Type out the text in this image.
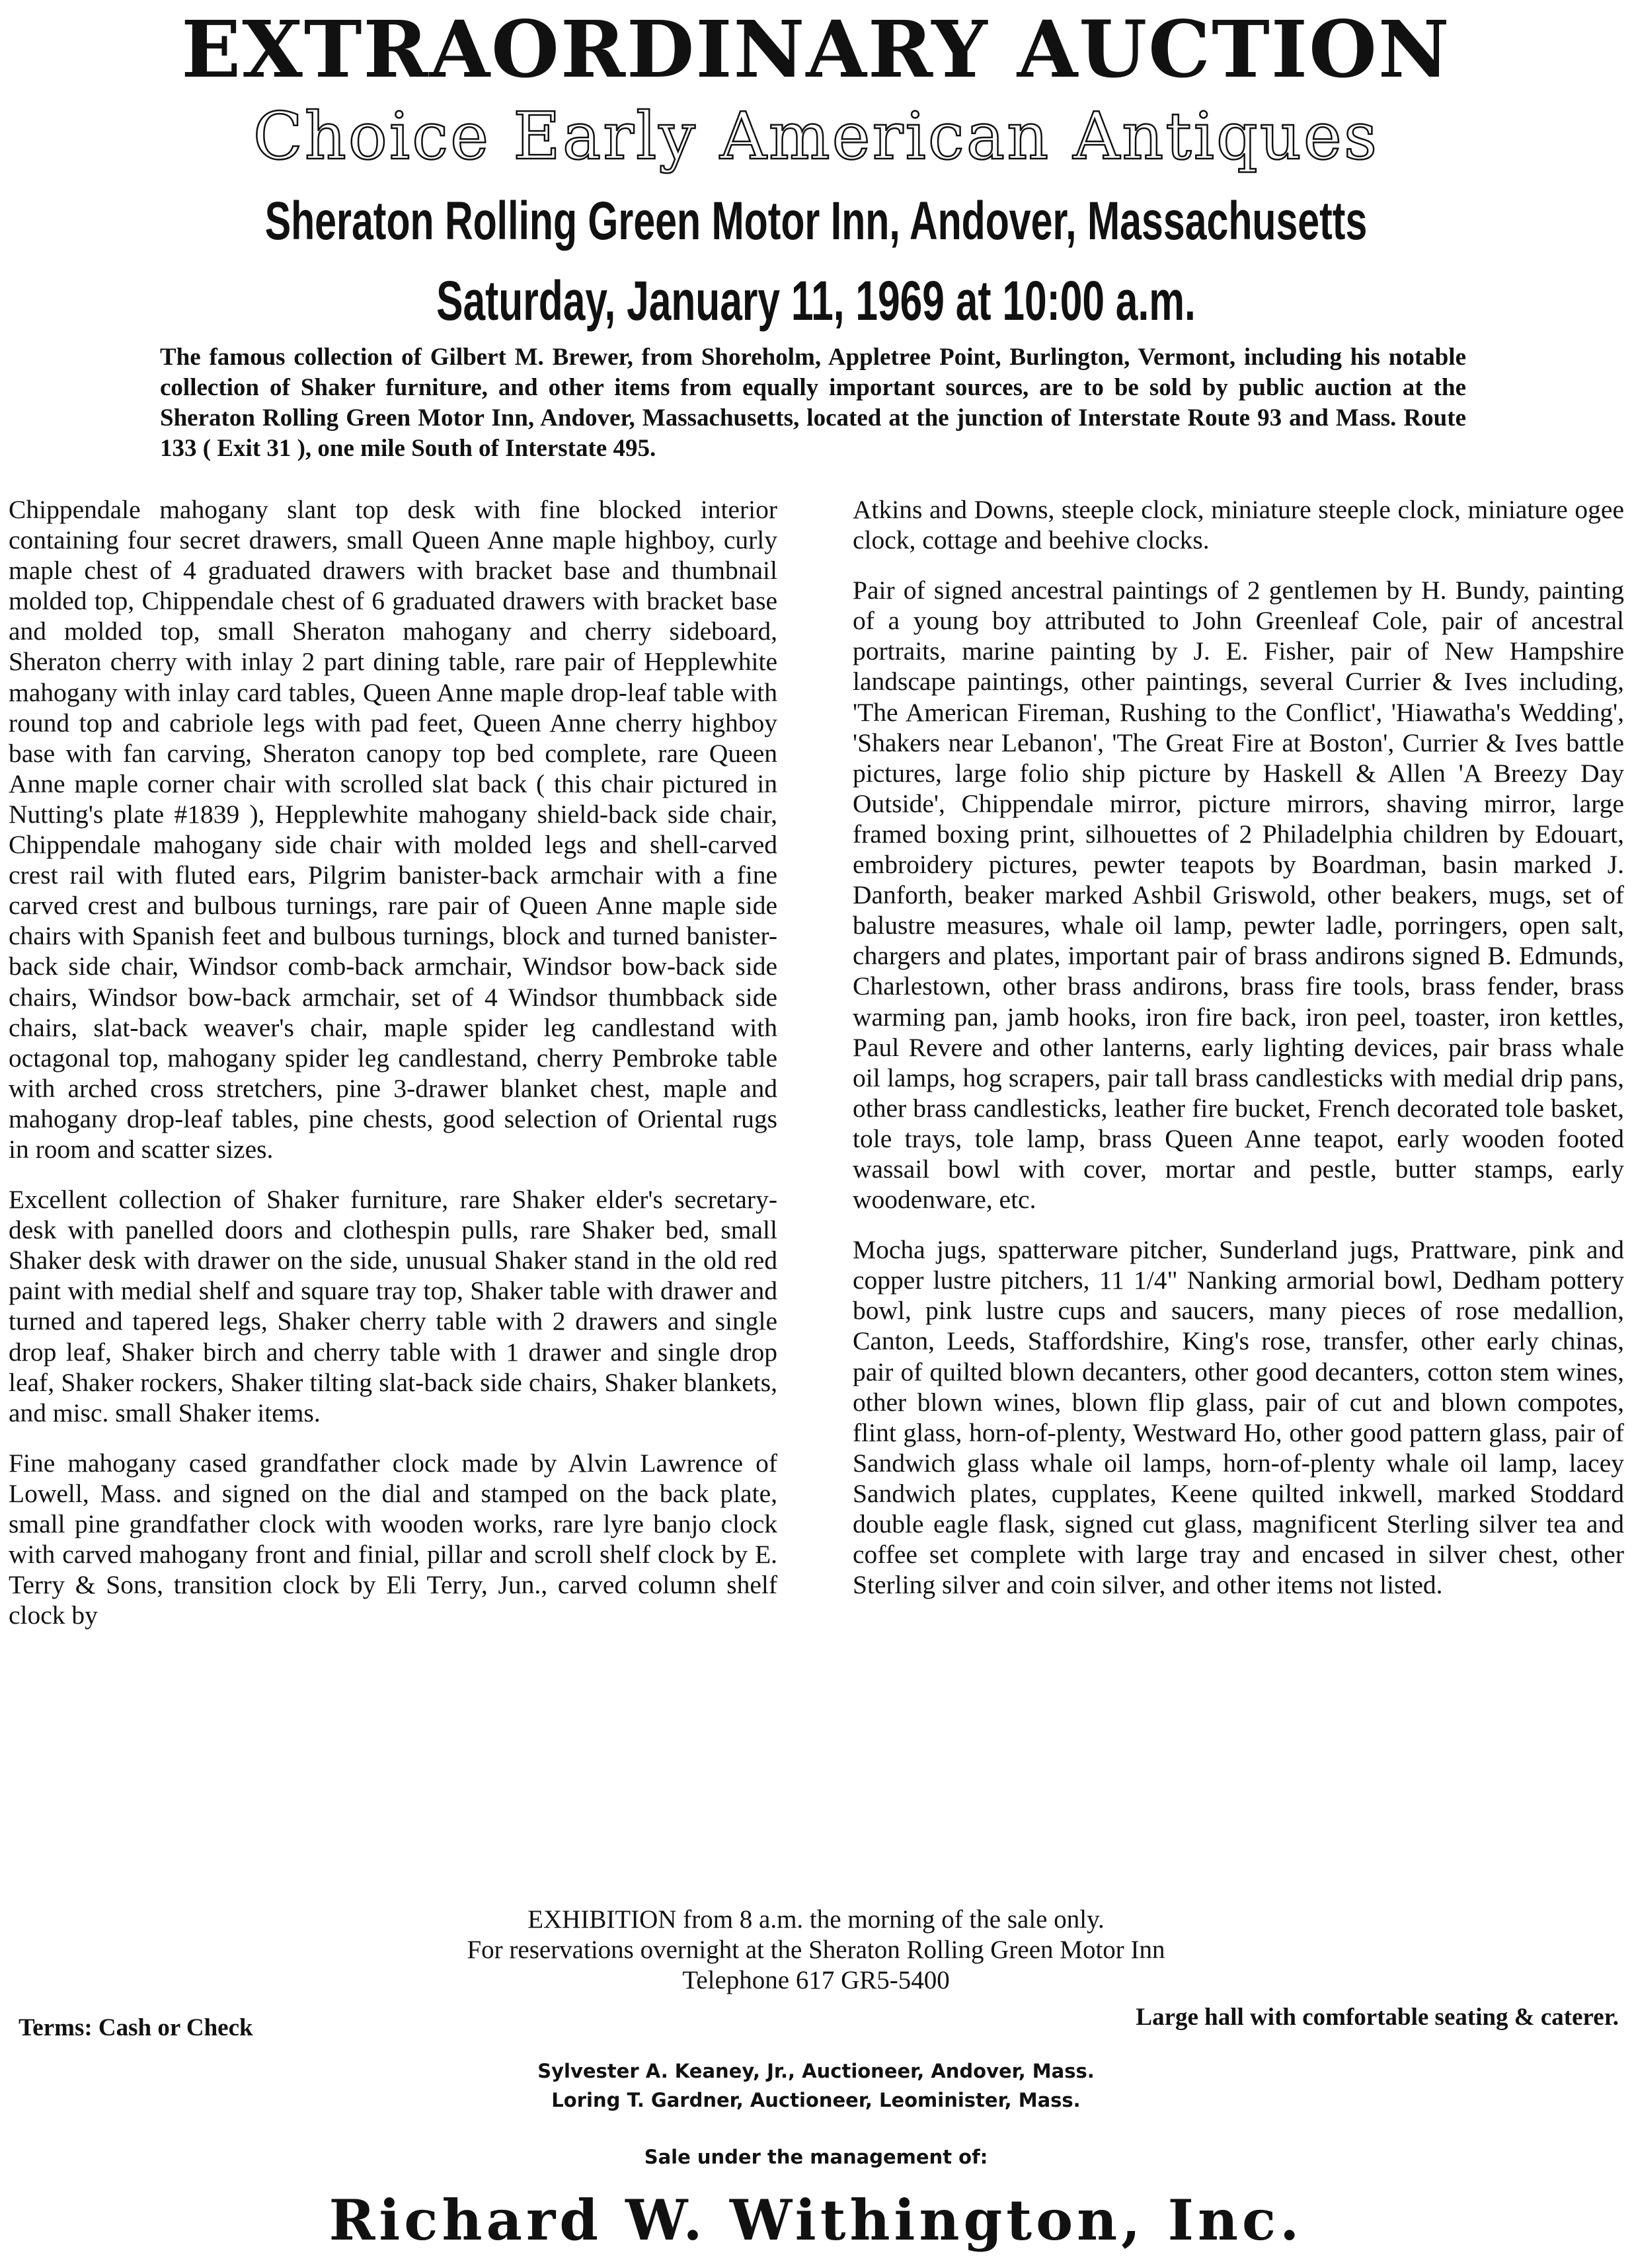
EXTRAORDINARY AUCTION
Choice Early American Antiques
Sheraton Rolling Green Motor Inn, Andover, Massachusetts
Saturday, January 11, 1969 at 10:00 a.m.
The famous collection of Gilbert M. Brewer, from Shoreholm, Appletree Point, Burlington, Vermont, including his notable collection of Shaker furniture, and other items from equally important sources, are to be sold by public auction at the Sheraton Rolling Green Motor Inn, Andover, Massachusetts, located at the junction of Interstate Route 93 and Mass. Route 133 ( Exit 31 ), one mile South of Interstate 495.

Chippendale mahogany slant top desk with fine blocked interior containing four secret drawers, small Queen Anne maple highboy, curly maple chest of 4 graduated drawers with bracket base and thumbnail molded top, Chippendale chest of 6 graduated drawers with bracket base and molded top, small Sheraton mahogany and cherry sideboard, Sheraton cherry with inlay 2 part dining table, rare pair of Hepplewhite mahogany with inlay card tables, Queen Anne maple drop-leaf table with round top and cabriole legs with pad feet, Queen Anne cherry highboy base with fan carving, Sheraton canopy top bed complete, rare Queen Anne maple corner chair with scrolled slat back ( this chair pictured in Nutting's plate #1839 ), Hepplewhite mahogany shield-back side chair, Chippendale mahogany side chair with molded legs and shell-carved crest rail with fluted ears, Pilgrim banister-back armchair with a fine carved crest and bulbous turnings, rare pair of Queen Anne maple side chairs with Spanish feet and bulbous turnings, block and turned banister-back side chair, Windsor comb-back armchair, Windsor bow-back side chairs, Windsor bow-back armchair, set of 4 Windsor thumbback side chairs, slat-back weaver's chair, maple spider leg candlestand with octagonal top, mahogany spider leg candlestand, cherry Pembroke table with arched cross stretchers, pine 3-drawer blanket chest, maple and mahogany drop-leaf tables, pine chests, good selection of Oriental rugs in room and scatter sizes.

Excellent collection of Shaker furniture, rare Shaker elder's secretary-desk with panelled doors and clothespin pulls, rare Shaker bed, small Shaker desk with drawer on the side, unusual Shaker stand in the old red paint with medial shelf and square tray top, Shaker table with drawer and turned and tapered legs, Shaker cherry table with 2 drawers and single drop leaf, Shaker birch and cherry table with 1 drawer and single drop leaf, Shaker rockers, Shaker tilting slat-back side chairs, Shaker blankets, and misc. small Shaker items.

Fine mahogany cased grandfather clock made by Alvin Lawrence of Lowell, Mass. and signed on the dial and stamped on the back plate, small pine grandfather clock with wooden works, rare lyre banjo clock with carved mahogany front and finial, pillar and scroll shelf clock by E. Terry & Sons, transition clock by Eli Terry, Jun., carved column shelf clock by

Atkins and Downs, steeple clock, miniature steeple clock, miniature ogee clock, cottage and beehive clocks.

Pair of signed ancestral paintings of 2 gentlemen by H. Bundy, painting of a young boy attributed to John Greenleaf Cole, pair of ancestral portraits, marine painting by J. E. Fisher, pair of New Hampshire landscape paintings, other paintings, several Currier & Ives including, 'The American Fireman, Rushing to the Conflict', 'Hiawatha's Wedding', 'Shakers near Lebanon', 'The Great Fire at Boston', Currier & Ives battle pictures, large folio ship picture by Haskell & Allen 'A Breezy Day Outside', Chippendale mirror, picture mirrors, shaving mirror, large framed boxing print, silhouettes of 2 Philadelphia children by Edouart, embroidery pictures, pewter teapots by Boardman, basin marked J. Danforth, beaker marked Ashbil Griswold, other beakers, mugs, set of balustre measures, whale oil lamp, pewter ladle, porringers, open salt, chargers and plates, important pair of brass andirons signed B. Edmunds, Charlestown, other brass andirons, brass fire tools, brass fender, brass warming pan, jamb hooks, iron fire back, iron peel, toaster, iron kettles, Paul Revere and other lanterns, early lighting devices, pair brass whale oil lamps, hog scrapers, pair tall brass candlesticks with medial drip pans, other brass candlesticks, leather fire bucket, French decorated tole basket, tole trays, tole lamp, brass Queen Anne teapot, early wooden footed wassail bowl with cover, mortar and pestle, butter stamps, early woodenware, etc.

Mocha jugs, spatterware pitcher, Sunderland jugs, Prattware, pink and copper lustre pitchers, 11 1/4" Nanking armorial bowl, Dedham pottery bowl, pink lustre cups and saucers, many pieces of rose medallion, Canton, Leeds, Staffordshire, King's rose, transfer, other early chinas, pair of quilted blown decanters, other good decanters, cotton stem wines, other blown wines, blown flip glass, pair of cut and blown compotes, flint glass, horn-of-plenty, Westward Ho, other good pattern glass, pair of Sandwich glass whale oil lamps, horn-of-plenty whale oil lamp, lacey Sandwich plates, cupplates, Keene quilted inkwell, marked Stoddard double eagle flask, signed cut glass, magnificent Sterling silver tea and coffee set complete with large tray and encased in silver chest, other Sterling silver and coin silver, and other items not listed.

EXHIBITION from 8 a.m. the morning of the sale only.
For reservations overnight at the Sheraton Rolling Green Motor Inn
Telephone 617 GR5-5400
Terms: Cash or Check	Large hall with comfortable seating & caterer.
Sylvester A. Keaney, Jr., Auctioneer, Andover, Mass.
Loring T. Gardner, Auctioneer, Leominister, Mass.
Sale under the management of:
Richard W. Withington, Inc.
